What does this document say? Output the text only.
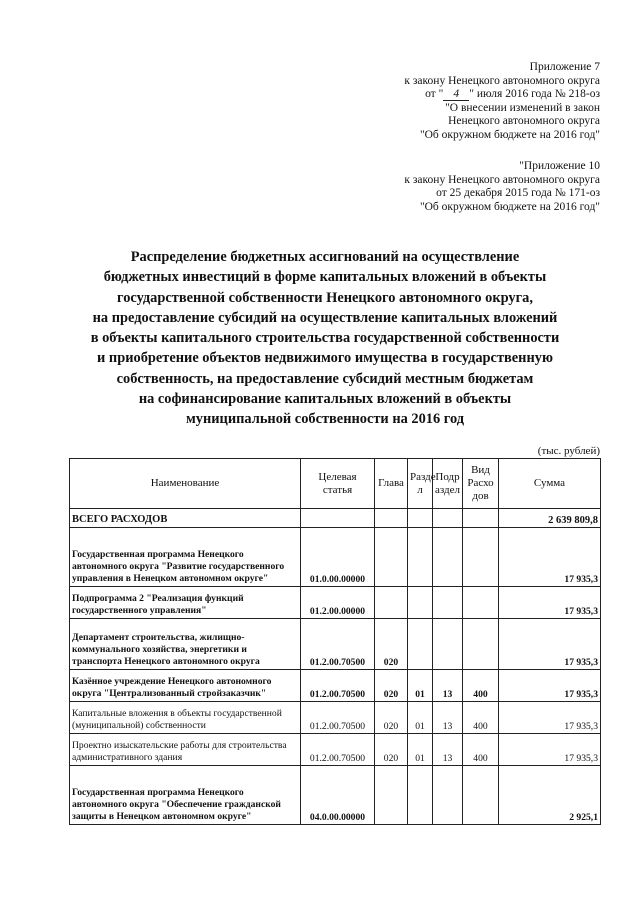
Приложение 7
к закону Ненецкого автономного округа
от " 4 " июля 2016 года № 218-оз
"О внесении изменений в закон
Ненецкого автономного округа
"Об окружном бюджете на 2016 год"
"Приложение 10
к закону Ненецкого автономного округа
от 25 декабря 2015 года № 171-оз
"Об окружном бюджете на 2016 год"
Распределение бюджетных ассигнований на осуществление
бюджетных инвестиций в форме капитальных вложений в объекты
государственной собственности Ненецкого автономного округа,
на предоставление субсидий на осуществление капитальных вложений
в объекты капитального строительства государственной собственности
и приобретение объектов недвижимого имущества в государственную
собственность, на предоставление субсидий местным бюджетам
на софинансирование капитальных вложений в объекты
муниципальной собственности на 2016 год
(тыс. рублей)
Наименование	Целевая статья	Глава	Разде л	Подр аздел	Вид Расхо дов	Сумма
ВСЕГО РАСХОДОВ						2 639 809,8
Государственная программа Ненецкого автономного округа "Развитие государственного управления в Ненецком автономном округе"	01.0.00.00000					17 935,3
Подпрограмма 2 "Реализация функций государственного управления"	01.2.00.00000					17 935,3
Департамент строительства, жилищно-коммунального хозяйства, энергетики и транспорта Ненецкого автономного округа	01.2.00.70500	020				17 935,3
Казённое учреждение Ненецкого автономного округа "Централизованный стройзаказчик"	01.2.00.70500	020	01	13	400	17 935,3
Капитальные вложения в объекты государственной (муниципальной) собственности	01.2.00.70500	020	01	13	400	17 935,3
Проектно изыскательские работы для строительства административного здания	01.2.00.70500	020	01	13	400	17 935,3
Государственная программа Ненецкого автономного округа "Обеспечение гражданской защиты в Ненецком автономном округе"	04.0.00.00000					2 925,1
